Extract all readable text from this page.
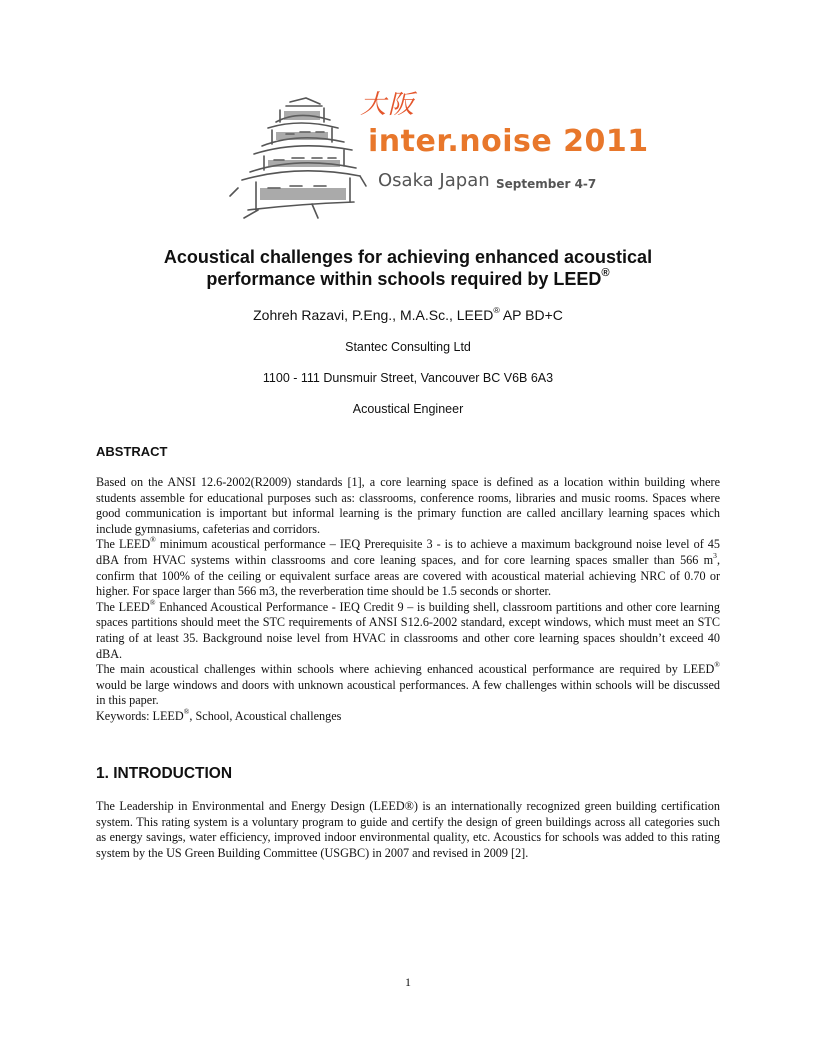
大阪
inter.noise 2011
Osaka Japan September 4-7
Acoustical challenges for achieving enhanced acoustical
performance within schools required by LEED®
Zohreh Razavi, P.Eng., M.A.Sc., LEED® AP BD+C
Stantec Consulting Ltd
1100 - 111 Dunsmuir Street, Vancouver BC V6B 6A3
Acoustical Engineer
ABSTRACT

Based on the ANSI 12.6-2002(R2009) standards [1], a core learning space is defined as a location within building where students assemble for educational purposes such as: classrooms, conference rooms, libraries and music rooms. Spaces where good communication is important but informal learning is the primary function are called ancillary learning spaces which include gymnasiums, cafeterias and corridors.

The LEED® minimum acoustical performance – IEQ Prerequisite 3 - is to achieve a maximum background noise level of 45 dBA from HVAC systems within classrooms and core leaning spaces, and for core learning spaces smaller than 566 $m^3$, confirm that 100% of the ceiling or equivalent surface areas are covered with acoustical material achieving NRC of 0.70 or higher. For space larger than 566 m3, the reverberation time should be 1.5 seconds or shorter.

The LEED® Enhanced Acoustical Performance - IEQ Credit 9 – is building shell, classroom partitions and other core learning spaces partitions should meet the STC requirements of ANSI S12.6-2002 standard, except windows, which must meet an STC rating of at least 35. Background noise level from HVAC in classrooms and other core learning spaces shouldn’t exceed 40 dBA.

The main acoustical challenges within schools where achieving enhanced acoustical performance are required by LEED® would be large windows and doors with unknown acoustical performances. A few challenges within schools will be discussed in this paper.

Keywords: LEED®, School, Acoustical challenges

1. INTRODUCTION

The Leadership in Environmental and Energy Design (LEED®) is an internationally recognized green building certification system. This rating system is a voluntary program to guide and certify the design of green buildings across all categories such as energy savings, water efficiency, improved indoor environmental quality, etc. Acoustics for schools was added to this rating system by the US Green Building Committee (USGBC) in 2007 and revised in 2009 [2].

1
